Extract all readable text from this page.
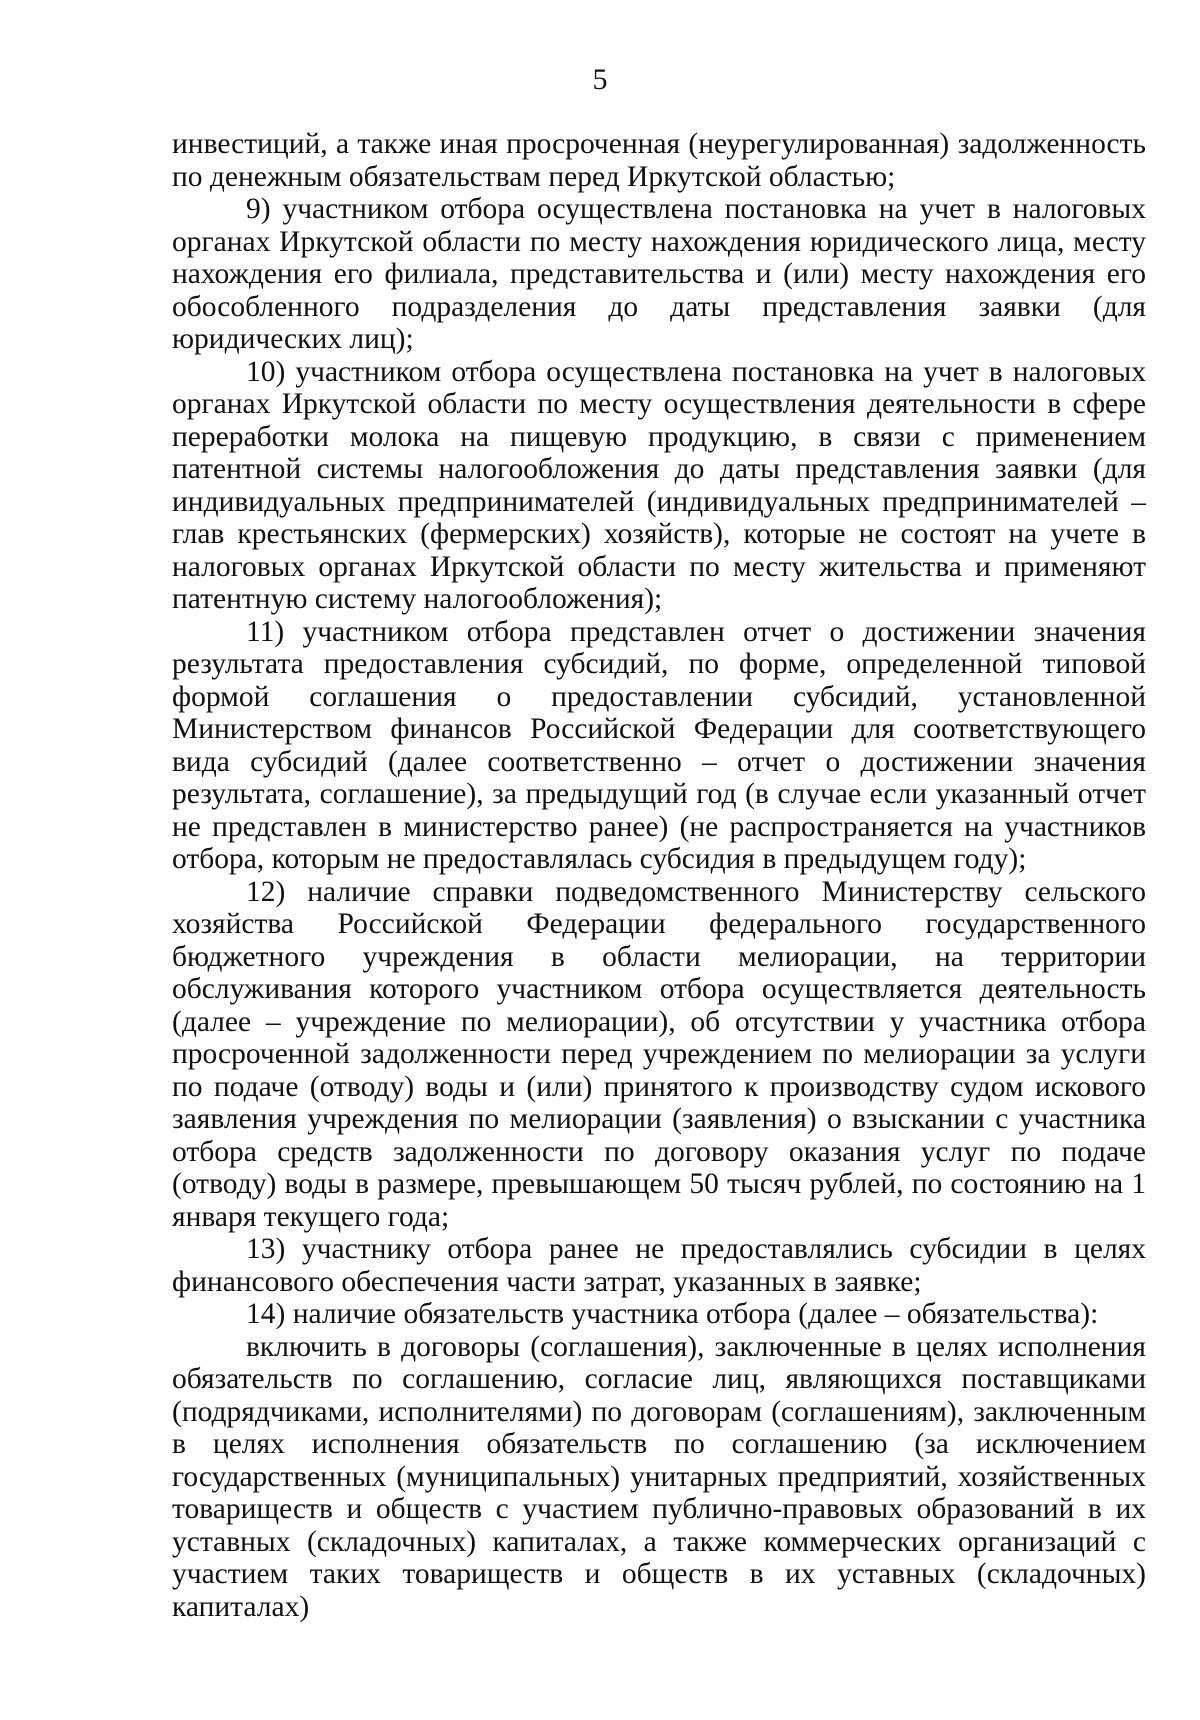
5

инвестиций, а также иная просроченная (неурегулированная) задолженность по денежным обязательствам перед Иркутской областью;

9) участником отбора осуществлена постановка на учет в налоговых органах Иркутской области по месту нахождения юридического лица, месту нахождения его филиала, представительства и (или) месту нахождения его обособленного подразделения до даты представления заявки (для юридических лиц);

10) участником отбора осуществлена постановка на учет в налоговых органах Иркутской области по месту осуществления деятельности в сфере переработки молока на пищевую продукцию, в связи с применением патентной системы налогообложения до даты представления заявки (для индивидуальных предпринимателей (индивидуальных предпринимателей – глав крестьянских (фермерских) хозяйств), которые не состоят на учете в налоговых органах Иркутской области по месту жительства и применяют патентную систему налогообложения);

11) участником отбора представлен отчет о достижении значения результата предоставления субсидий, по форме, определенной типовой формой соглашения о предоставлении субсидий, установленной Министерством финансов Российской Федерации для соответствующего вида субсидий (далее соответственно – отчет о достижении значения результата, соглашение), за предыдущий год (в случае если указанный отчет не представлен в министерство ранее) (не распространяется на участников отбора, которым не предоставлялась субсидия в предыдущем году);

12) наличие справки подведомственного Министерству сельского хозяйства Российской Федерации федерального государственного бюджетного учреждения в области мелиорации, на территории обслуживания которого участником отбора осуществляется деятельность (далее – учреждение по мелиорации), об отсутствии у участника отбора просроченной задолженности перед учреждением по мелиорации за услуги по подаче (отводу) воды и (или) принятого к производству судом искового заявления учреждения по мелиорации (заявления) о взыскании с участника отбора средств задолженности по договору оказания услуг по подаче (отводу) воды в размере, превышающем 50 тысяч рублей, по состоянию на 1 января текущего года;

13) участнику отбора ранее не предоставлялись субсидии в целях финансового обеспечения части затрат, указанных в заявке;

14) наличие обязательств участника отбора (далее – обязательства):

включить в договоры (соглашения), заключенные в целях исполнения обязательств по соглашению, согласие лиц, являющихся поставщиками (подрядчиками, исполнителями) по договорам (соглашениям), заключенным в целях исполнения обязательств по соглашению (за исключением государственных (муниципальных) унитарных предприятий, хозяйственных товариществ и обществ с участием публично-правовых образований в их уставных (складочных) капиталах, а также коммерческих организаций с участием таких товариществ и обществ в их уставных (складочных) капиталах)
